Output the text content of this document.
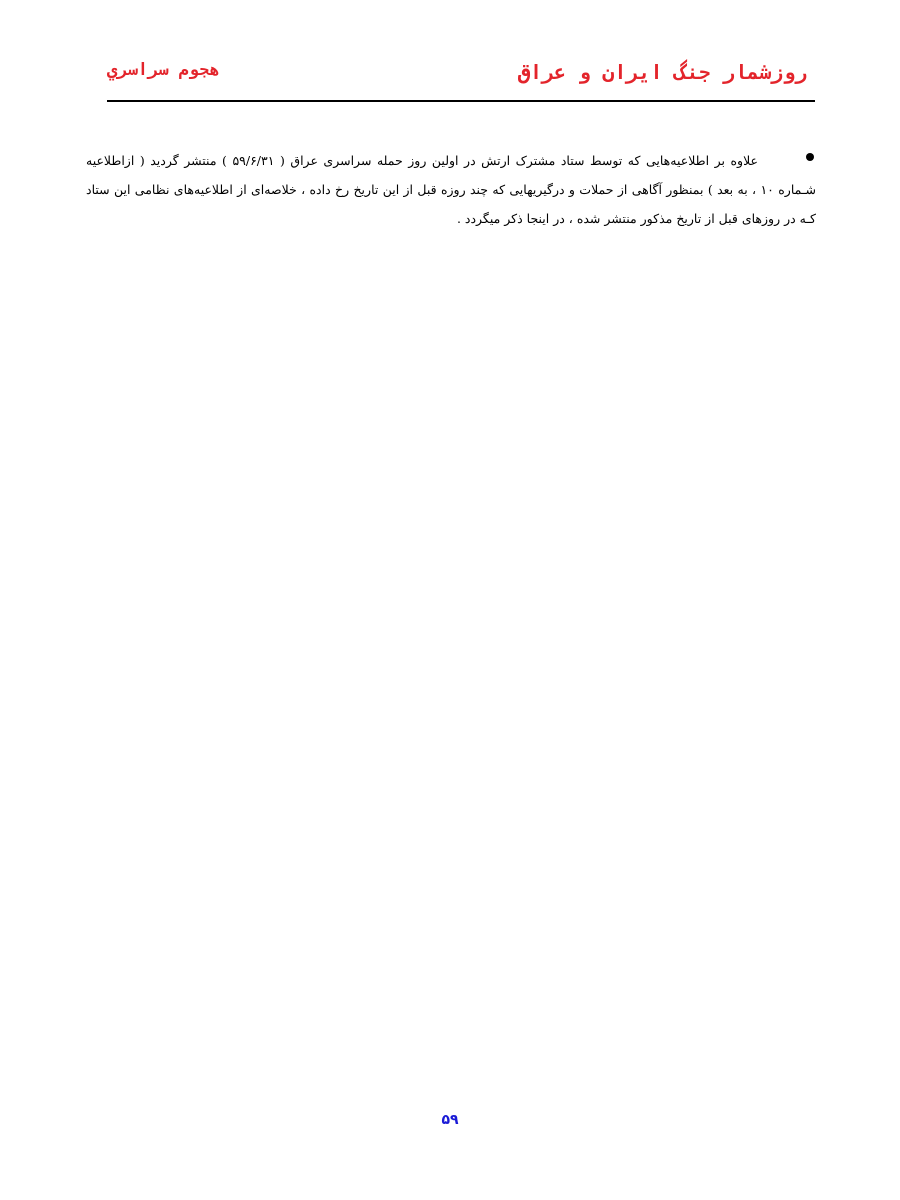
روزشمار جنگ ايران و عراق
هجوم سراسري
علاوه بر اطلاعیه‌هایی که توسط ستاد مشترک ارتش در اولین روز حمله سراسری عراق ( ۵۹/۶/۳۱ ) منتشر گردید ( ازاطلاعیه شـماره ۱۰ ، به بعد ) بمنظور آگاهی از حملات و درگیریهایی که چند روزه قبل از این تاریخ رخ داده ، خلاصه‌ای از اطلاعیه‌های نظامی این ستاد کـه در روزهای قبل از تاریخ مذکور منتشر شده ، در اینجا ذکر میگردد .
۵۹
